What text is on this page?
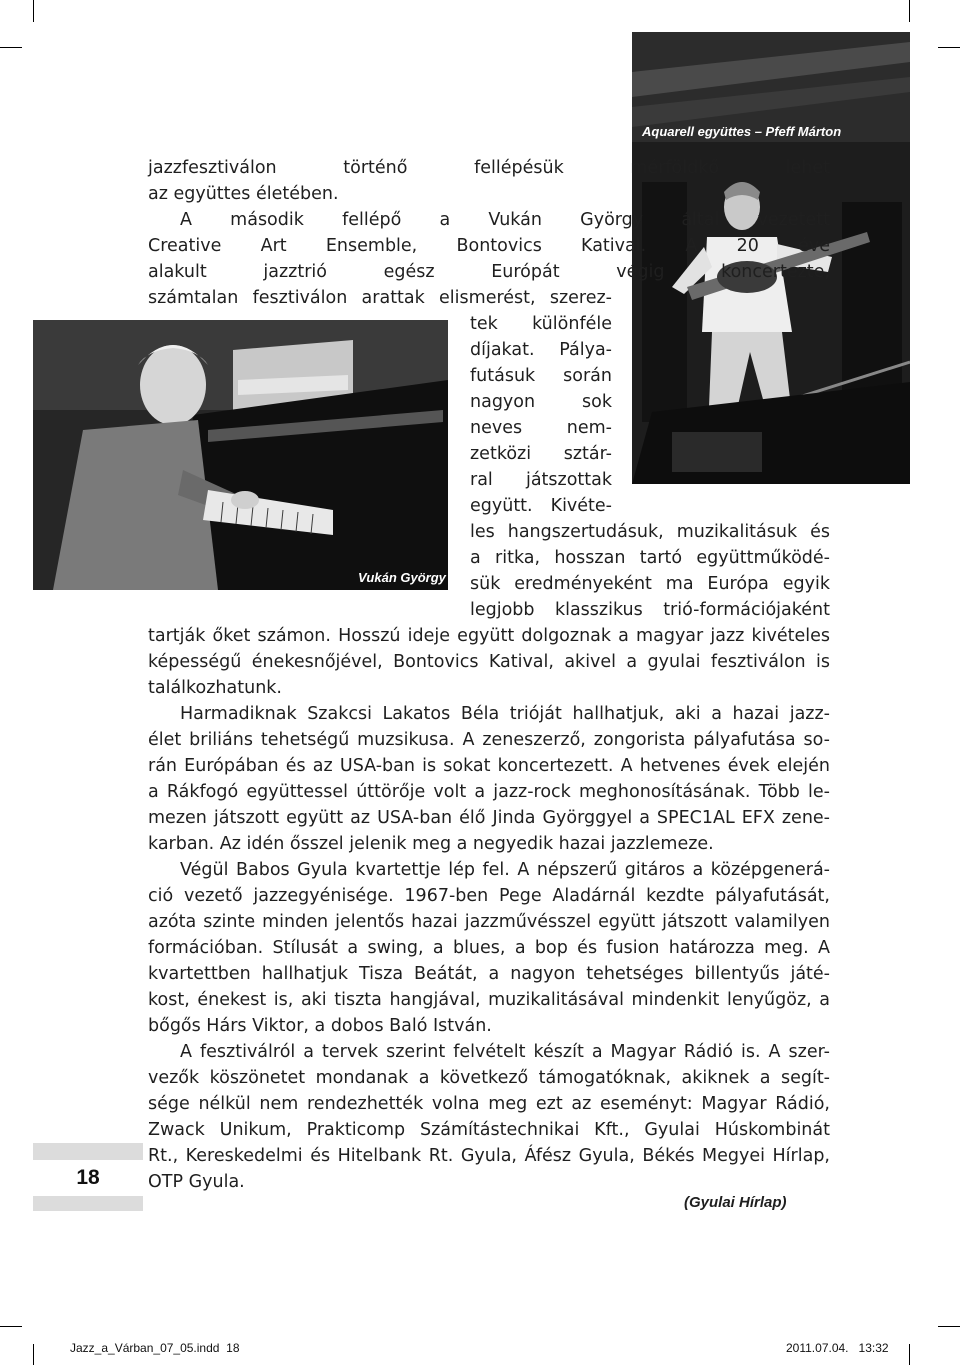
Aquarell együttes – Pfeff Márton
Vukán György
jazzfesztiválon történő fellépésük mérföldkő lehet
az együttes életében.
A második fellépő a Vukán György által vezetett
Creative Art Ensemble, Bontovics Katival. A 20 éve
alakult jazztrió egész Európát végig koncertezte,
számtalan fesztiválon arattak elismerést, szerez-
tek különféle
díjakat. Pálya-
futásuk során
nagyon sok
neves nem-
zetközi sztár-
ral játszottak
együtt. Kivéte-
les hangszertudásuk, muzikalitásuk és
a ritka, hosszan tartó együttműködé-
sük eredményeként ma Európa egyik
legjobb klasszikus trió-formációjaként
tartják őket számon. Hosszú ideje együtt dolgoznak a magyar jazz kivételes
képességű énekesnőjével, Bontovics Katival, akivel a gyulai fesztiválon is
találkozhatunk.
Harmadiknak Szakcsi Lakatos Béla trióját hallhatjuk, aki a hazai jazz-
élet briliáns tehetségű muzsikusa. A zeneszerző, zongorista pályafutása so-
rán Európában és az USA-ban is sokat koncertezett. A hetvenes évek elején
a Rákfogó együttessel úttörője volt a jazz-rock meghonosításának. Több le-
mezen játszott együtt az USA-ban élő Jinda Györggyel a SPEC1AL EFX zene-
karban. Az idén ősszel jelenik meg a negyedik hazai jazzlemeze.
Végül Babos Gyula kvartettje lép fel. A népszerű gitáros a középgenerá-
ció vezető jazzegyénisége. 1967-ben Pege Aladárnál kezdte pályafutását,
azóta szinte minden jelentős hazai jazzművésszel együtt játszott valamilyen
formációban. Stílusát a swing, a blues, a bop és fusion határozza meg. A
kvartettben hallhatjuk Tisza Beátát, a nagyon tehetséges billentyűs játé-
kost, énekest is, aki tiszta hangjával, muzikalitásával mindenkit lenyűgöz, a
bőgős Hárs Viktor, a dobos Baló István.
A fesztiválról a tervek szerint felvételt készít a Magyar Rádió is. A szer-
vezők köszönetet mondanak a következő támogatóknak, akiknek a segít-
sége nélkül nem rendezhették volna meg ezt az eseményt: Magyar Rádió,
Zwack Unikum, Prakticomp Számítástechnikai Kft., Gyulai Húskombinát
Rt., Kereskedelmi és Hitelbank Rt. Gyula, Áfész Gyula, Békés Megyei Hírlap,
OTP Gyula.
18
(Gyulai Hírlap)
Jazz_a_Várban_07_05.indd 18	2011.07.04. 13:32
